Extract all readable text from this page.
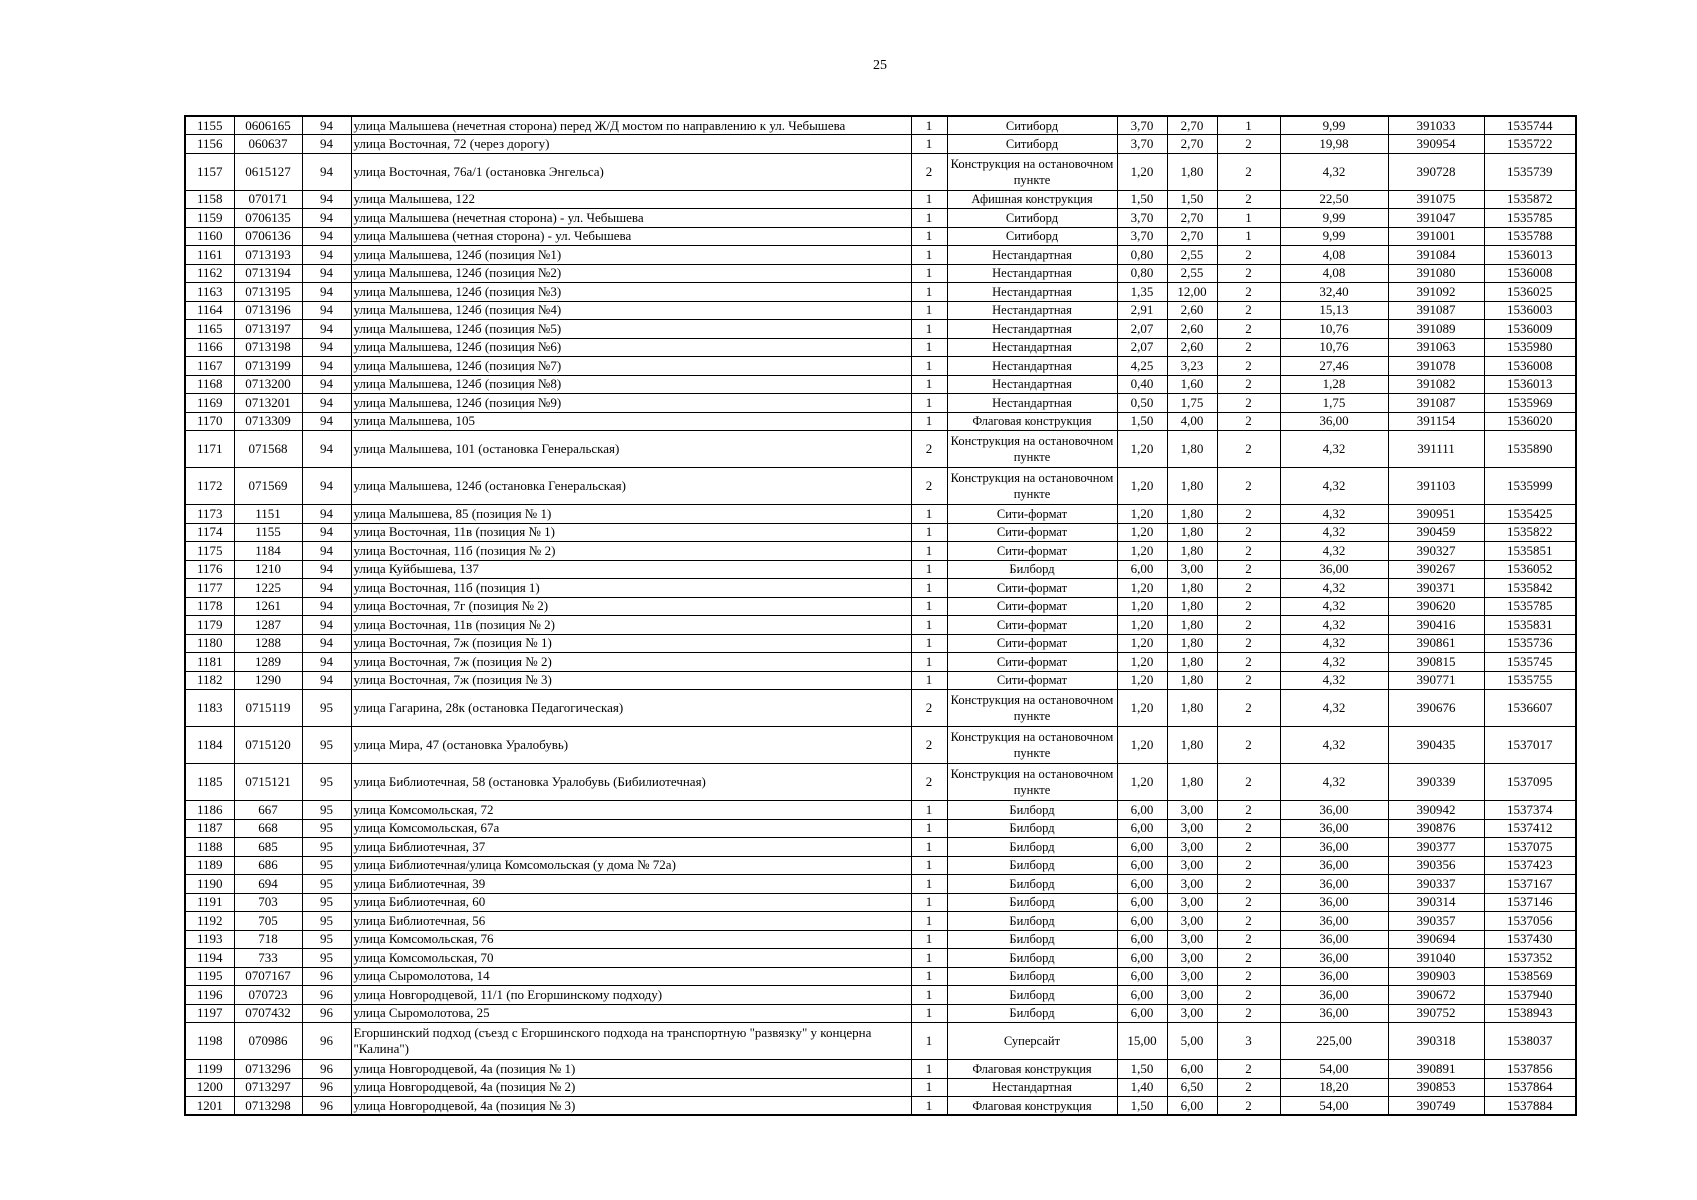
25
1155	0606165	94	улица Малышева (нечетная сторона) перед Ж/Д мостом по направлению к ул. Чебышева	1	Ситиборд	3,70	2,70	1	9,99	391033	1535744
1156	060637	94	улица Восточная, 72 (через дорогу)	1	Ситиборд	3,70	2,70	2	19,98	390954	1535722
1157	0615127	94	улица Восточная, 76а/1 (остановка Энгельса)	2	Конструкция на остановочном пункте	1,20	1,80	2	4,32	390728	1535739
1158	070171	94	улица Малышева, 122	1	Афишная конструкция	1,50	1,50	2	22,50	391075	1535872
1159	0706135	94	улица Малышева (нечетная сторона) - ул. Чебышева	1	Ситиборд	3,70	2,70	1	9,99	391047	1535785
1160	0706136	94	улица Малышева (четная сторона) - ул. Чебышева	1	Ситиборд	3,70	2,70	1	9,99	391001	1535788
1161	0713193	94	улица Малышева, 124б (позиция №1)	1	Нестандартная	0,80	2,55	2	4,08	391084	1536013
1162	0713194	94	улица Малышева, 124б (позиция №2)	1	Нестандартная	0,80	2,55	2	4,08	391080	1536008
1163	0713195	94	улица Малышева, 124б (позиция №3)	1	Нестандартная	1,35	12,00	2	32,40	391092	1536025
1164	0713196	94	улица Малышева, 124б (позиция №4)	1	Нестандартная	2,91	2,60	2	15,13	391087	1536003
1165	0713197	94	улица Малышева, 124б (позиция №5)	1	Нестандартная	2,07	2,60	2	10,76	391089	1536009
1166	0713198	94	улица Малышева, 124б (позиция №6)	1	Нестандартная	2,07	2,60	2	10,76	391063	1535980
1167	0713199	94	улица Малышева, 124б (позиция №7)	1	Нестандартная	4,25	3,23	2	27,46	391078	1536008
1168	0713200	94	улица Малышева, 124б (позиция №8)	1	Нестандартная	0,40	1,60	2	1,28	391082	1536013
1169	0713201	94	улица Малышева, 124б (позиция №9)	1	Нестандартная	0,50	1,75	2	1,75	391087	1535969
1170	0713309	94	улица Малышева, 105	1	Флаговая конструкция	1,50	4,00	2	36,00	391154	1536020
1171	071568	94	улица Малышева, 101 (остановка Генеральская)	2	Конструкция на остановочном пункте	1,20	1,80	2	4,32	391111	1535890
1172	071569	94	улица Малышева, 124б (остановка Генеральская)	2	Конструкция на остановочном пункте	1,20	1,80	2	4,32	391103	1535999
1173	1151	94	улица Малышева, 85 (позиция № 1)	1	Сити-формат	1,20	1,80	2	4,32	390951	1535425
1174	1155	94	улица Восточная, 11в (позиция № 1)	1	Сити-формат	1,20	1,80	2	4,32	390459	1535822
1175	1184	94	улица Восточная, 11б (позиция № 2)	1	Сити-формат	1,20	1,80	2	4,32	390327	1535851
1176	1210	94	улица Куйбышева, 137	1	Билборд	6,00	3,00	2	36,00	390267	1536052
1177	1225	94	улица Восточная, 11б (позиция 1)	1	Сити-формат	1,20	1,80	2	4,32	390371	1535842
1178	1261	94	улица Восточная, 7г (позиция № 2)	1	Сити-формат	1,20	1,80	2	4,32	390620	1535785
1179	1287	94	улица Восточная, 11в (позиция № 2)	1	Сити-формат	1,20	1,80	2	4,32	390416	1535831
1180	1288	94	улица Восточная, 7ж (позиция № 1)	1	Сити-формат	1,20	1,80	2	4,32	390861	1535736
1181	1289	94	улица Восточная, 7ж (позиция № 2)	1	Сити-формат	1,20	1,80	2	4,32	390815	1535745
1182	1290	94	улица Восточная, 7ж (позиция № 3)	1	Сити-формат	1,20	1,80	2	4,32	390771	1535755
1183	0715119	95	улица Гагарина, 28к (остановка Педагогическая)	2	Конструкция на остановочном пункте	1,20	1,80	2	4,32	390676	1536607
1184	0715120	95	улица Мира, 47 (остановка Уралобувь)	2	Конструкция на остановочном пункте	1,20	1,80	2	4,32	390435	1537017
1185	0715121	95	улица Библиотечная, 58 (остановка Уралобувь (Бибилиотечная)	2	Конструкция на остановочном пункте	1,20	1,80	2	4,32	390339	1537095
1186	667	95	улица Комсомольская, 72	1	Билборд	6,00	3,00	2	36,00	390942	1537374
1187	668	95	улица Комсомольская, 67а	1	Билборд	6,00	3,00	2	36,00	390876	1537412
1188	685	95	улица Библиотечная, 37	1	Билборд	6,00	3,00	2	36,00	390377	1537075
1189	686	95	улица Библиотечная/улица Комсомольская (у дома № 72а)	1	Билборд	6,00	3,00	2	36,00	390356	1537423
1190	694	95	улица Библиотечная, 39	1	Билборд	6,00	3,00	2	36,00	390337	1537167
1191	703	95	улица Библиотечная, 60	1	Билборд	6,00	3,00	2	36,00	390314	1537146
1192	705	95	улица Библиотечная, 56	1	Билборд	6,00	3,00	2	36,00	390357	1537056
1193	718	95	улица Комсомольская, 76	1	Билборд	6,00	3,00	2	36,00	390694	1537430
1194	733	95	улица Комсомольская, 70	1	Билборд	6,00	3,00	2	36,00	391040	1537352
1195	0707167	96	улица Сыромолотова, 14	1	Билборд	6,00	3,00	2	36,00	390903	1538569
1196	070723	96	улица Новгородцевой, 11/1 (по Егоршинскому подходу)	1	Билборд	6,00	3,00	2	36,00	390672	1537940
1197	0707432	96	улица Сыромолотова, 25	1	Билборд	6,00	3,00	2	36,00	390752	1538943
1198	070986	96	Егоршинский подход (съезд с Егоршинского подхода на транспортную "развязку" у концерна "Калина")	1	Суперсайт	15,00	5,00	3	225,00	390318	1538037
1199	0713296	96	улица Новгородцевой, 4а (позиция № 1)	1	Флаговая конструкция	1,50	6,00	2	54,00	390891	1537856
1200	0713297	96	улица Новгородцевой, 4а (позиция № 2)	1	Нестандартная	1,40	6,50	2	18,20	390853	1537864
1201	0713298	96	улица Новгородцевой, 4а (позиция № 3)	1	Флаговая конструкция	1,50	6,00	2	54,00	390749	1537884
